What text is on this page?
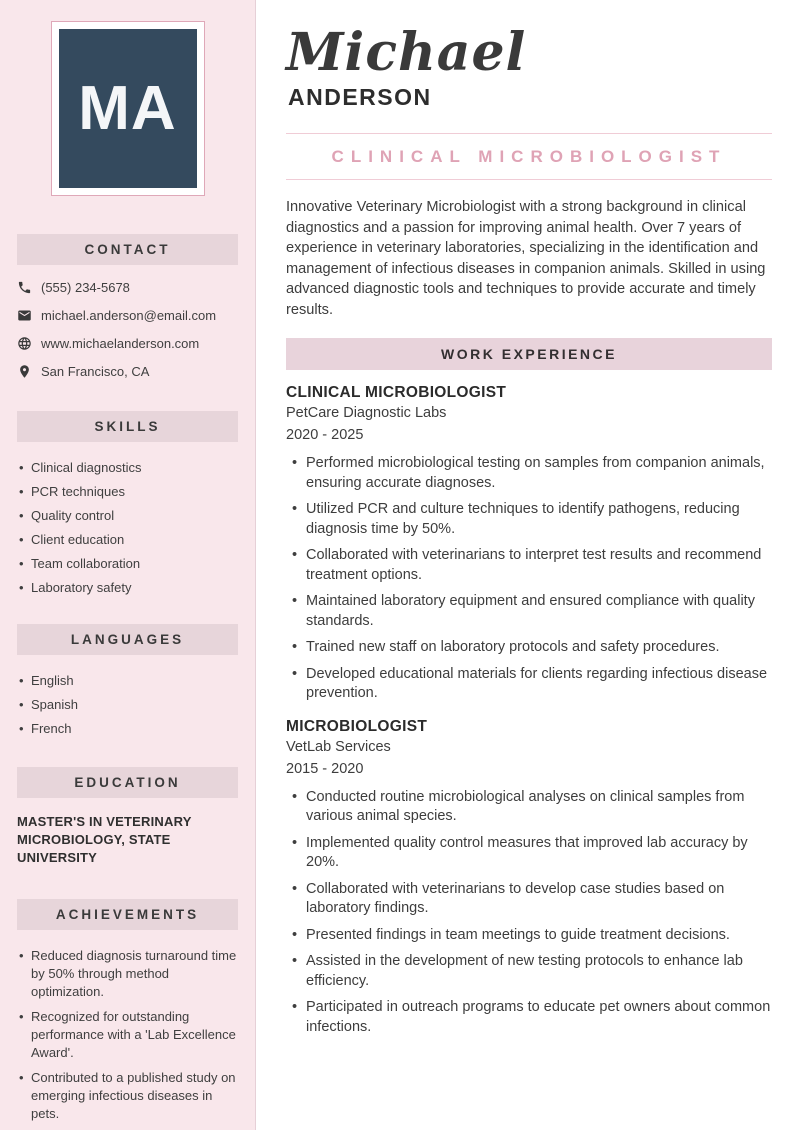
MA
CONTACT
(555) 234-5678
michael.anderson@email.com
www.michaelanderson.com
San Francisco, CA
SKILLS
• Clinical diagnostics
• PCR techniques
• Quality control
• Client education
• Team collaboration
• Laboratory safety
LANGUAGES
• English
• Spanish
• French
EDUCATION
MASTER'S IN VETERINARY MICROBIOLOGY, STATE UNIVERSITY
ACHIEVEMENTS
• Reduced diagnosis turnaround time by 50% through method optimization.
• Recognized for outstanding performance with a 'Lab Excellence Award'.
• Contributed to a published study on emerging infectious diseases in pets.
Michael
ANDERSON
CLINICAL MICROBIOLOGIST

Innovative Veterinary Microbiologist with a strong background in clinical diagnostics and a passion for improving animal health. Over 7 years of experience in veterinary laboratories, specializing in the identification and management of infectious diseases in companion animals. Skilled in using advanced diagnostic tools and techniques to provide accurate and timely results.

WORK EXPERIENCE
CLINICAL MICROBIOLOGIST
PetCare Diagnostic Labs
2020 - 2025
• Performed microbiological testing on samples from companion animals, ensuring accurate diagnoses.
• Utilized PCR and culture techniques to identify pathogens, reducing diagnosis time by 50%.
• Collaborated with veterinarians to interpret test results and recommend treatment options.
• Maintained laboratory equipment and ensured compliance with quality standards.
• Trained new staff on laboratory protocols and safety procedures.
• Developed educational materials for clients regarding infectious disease prevention.
MICROBIOLOGIST
VetLab Services
2015 - 2020
• Conducted routine microbiological analyses on clinical samples from various animal species.
• Implemented quality control measures that improved lab accuracy by 20%.
• Collaborated with veterinarians to develop case studies based on laboratory findings.
• Presented findings in team meetings to guide treatment decisions.
• Assisted in the development of new testing protocols to enhance lab efficiency.
• Participated in outreach programs to educate pet owners about common infections.
